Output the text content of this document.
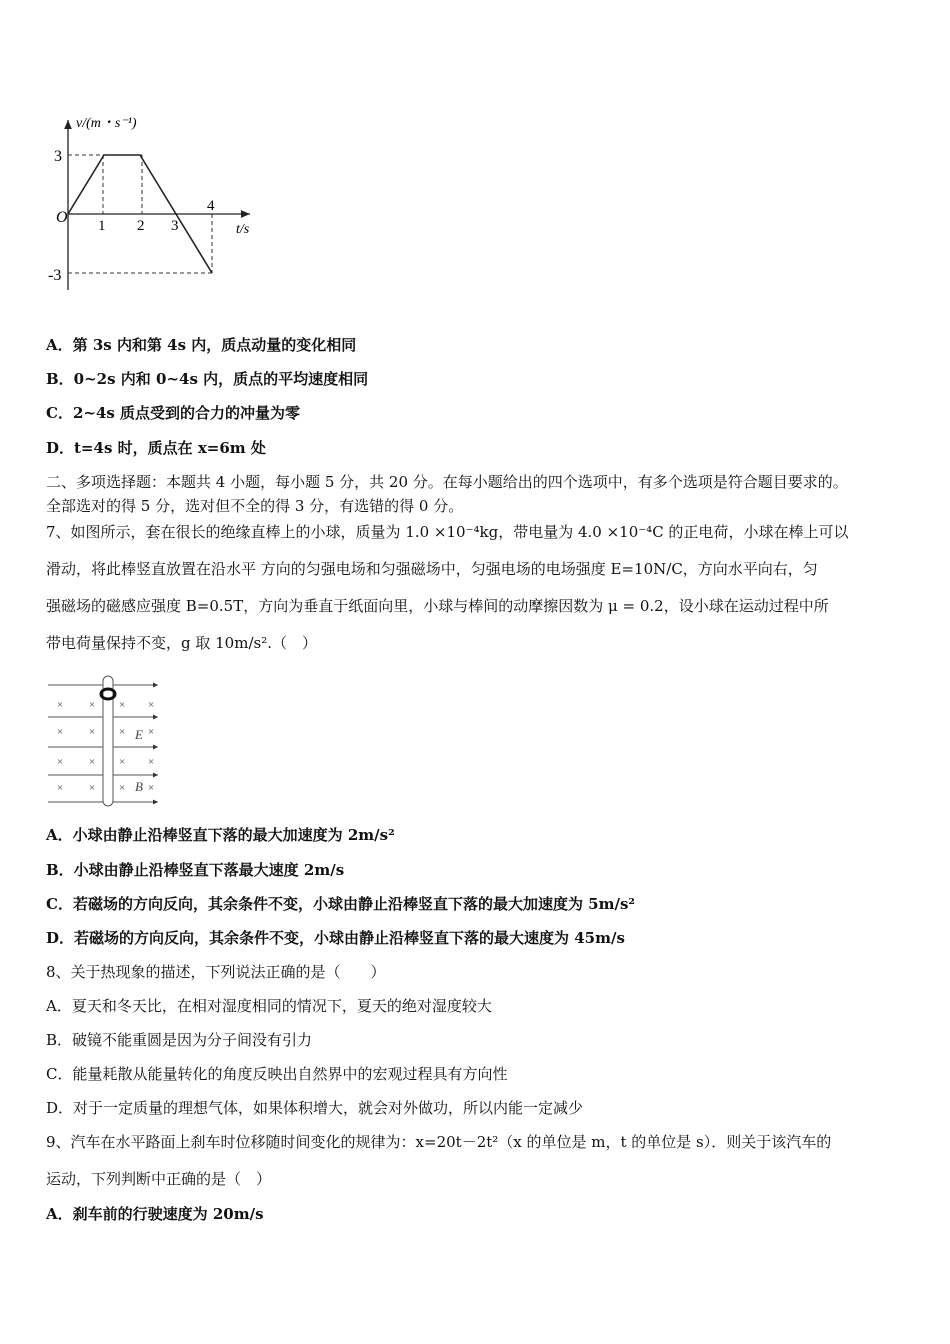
v/(m・s⁻¹)
t/s
O 1 2 3
4
3
-3
A．第 3s 内和第 4s 内，质点动量的变化相同
B．0~2s 内和 0~4s 内，质点的平均速度相同
C．2~4s 质点受到的合力的冲量为零
D．t=4s 时，质点在 x=6m 处
二、多项选择题：本题共 4 小题，每小题 5 分，共 20 分。在每小题给出的四个选项中，有多个选项是符合题目要求的。
全部选对的得 5 分，选对但不全的得 3 分，有选错的得 0 分。
7、如图所示，套在很长的绝缘直棒上的小球，质量为 1.0 ×10⁻⁴kg，带电量为 4.0 ×10⁻⁴C 的正电荷，小球在棒上可以
滑动，将此棒竖直放置在沿水平 方向的匀强电场和匀强磁场中，匀强电场的电场强度 E=10N/C，方向水平向右，匀
强磁场的磁感应强度 B=0.5T，方向为垂直于纸面向里，小球与棒间的动摩擦因数为 μ = 0.2，设小球在运动过程中所
带电荷量保持不变，g 取 10m/s².（　）
× × × ×
× × × ×
× × × ×
× × × ×
E
B
A．小球由静止沿棒竖直下落的最大加速度为 2m/s²
B．小球由静止沿棒竖直下落最大速度 2m/s
C．若磁场的方向反向，其余条件不变，小球由静止沿棒竖直下落的最大加速度为 5m/s²
D．若磁场的方向反向，其余条件不变，小球由静止沿棒竖直下落的最大速度为 45m/s
8、关于热现象的描述，下列说法正确的是（　　）
A．夏天和冬天比，在相对湿度相同的情况下，夏天的绝对湿度较大
B．破镜不能重圆是因为分子间没有引力
C．能量耗散从能量转化的角度反映出自然界中的宏观过程具有方向性
D．对于一定质量的理想气体，如果体积增大，就会对外做功，所以内能一定减少
9、汽车在水平路面上刹车时位移随时间变化的规律为：x=20t－2t²（x 的单位是 m，t 的单位是 s）．则关于该汽车的
运动，下列判断中正确的是（　）
A．刹车前的行驶速度为 20m/s
